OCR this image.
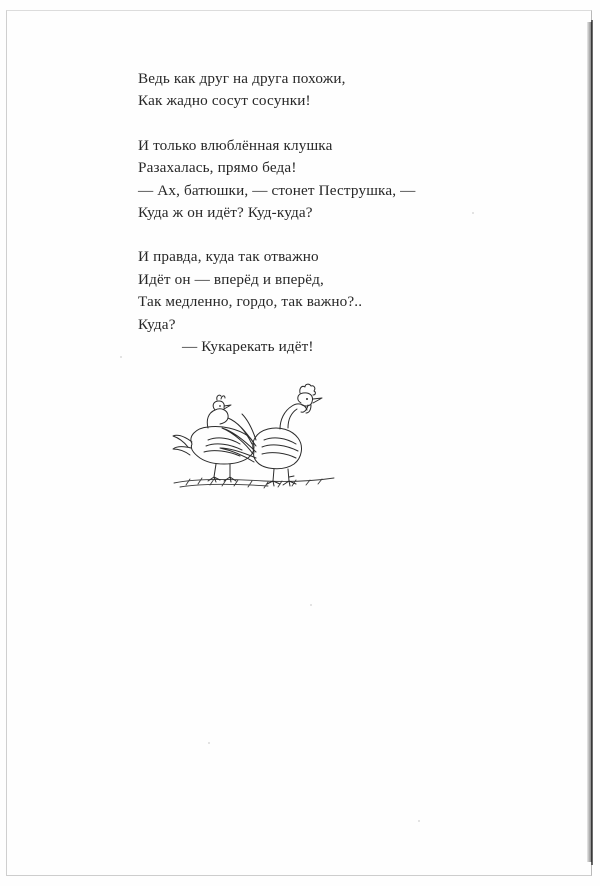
Ведь как друг на друга похожи,
Как жадно сосут сосунки!
И только влюблённая клушка
Разахалась, прямо беда!
— Ах, батюшки, — стонет Пеструшка, —
Куда ж он идёт? Куд-куда?
И правда, куда так отважно
Идёт он — вперёд и вперёд,
Так медленно, гордо, так важно?..
Куда?
— Кукарекать идёт!
